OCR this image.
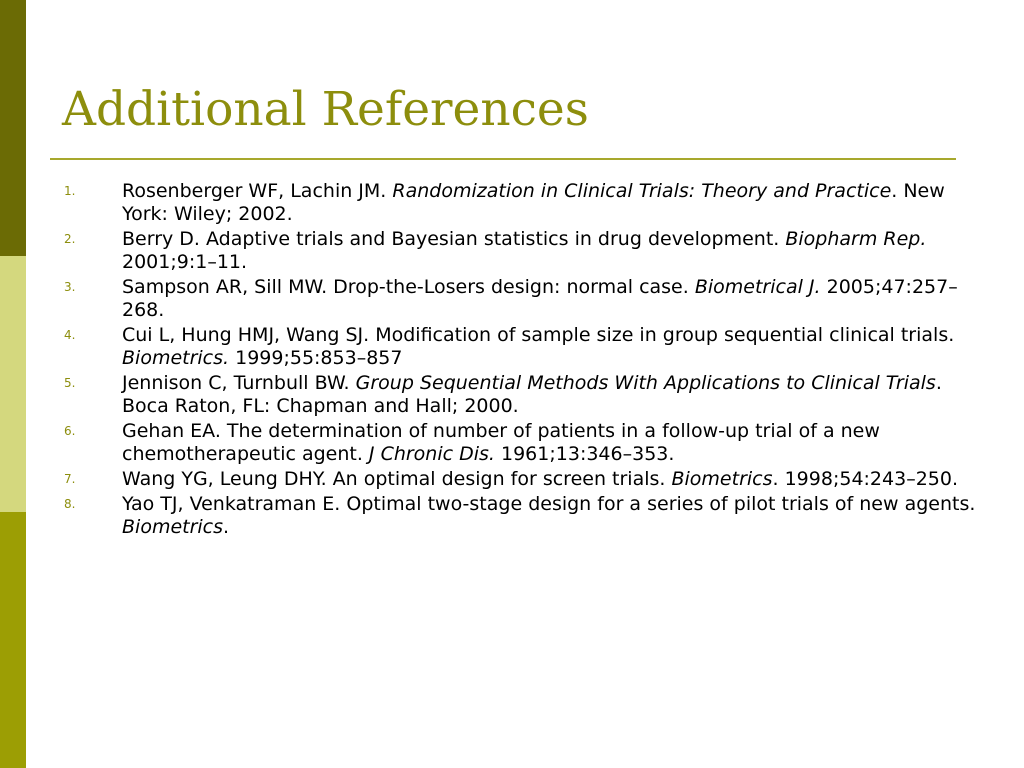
Additional References
1. Rosenberger WF, Lachin JM. Randomization in Clinical Trials: Theory and Practice. New York: Wiley; 2002.
2. Berry D. Adaptive trials and Bayesian statistics in drug development. Biopharm Rep. 2001;9:1–11.
3. Sampson AR, Sill MW. Drop-the-Losers design: normal case. Biometrical J. 2005;47:257–268.
4. Cui L, Hung HMJ, Wang SJ. Modification of sample size in group sequential clinical trials. Biometrics. 1999;55:853–857
5. Jennison C, Turnbull BW. Group Sequential Methods With Applications to Clinical Trials. Boca Raton, FL: Chapman and Hall; 2000.
6. Gehan EA. The determination of number of patients in a follow-up trial of a new chemotherapeutic agent. J Chronic Dis. 1961;13:346–353.
7. Wang YG, Leung DHY. An optimal design for screen trials. Biometrics. 1998;54:243–250.
8. Yao TJ, Venkatraman E. Optimal two-stage design for a series of pilot trials of new agents. Biometrics.
